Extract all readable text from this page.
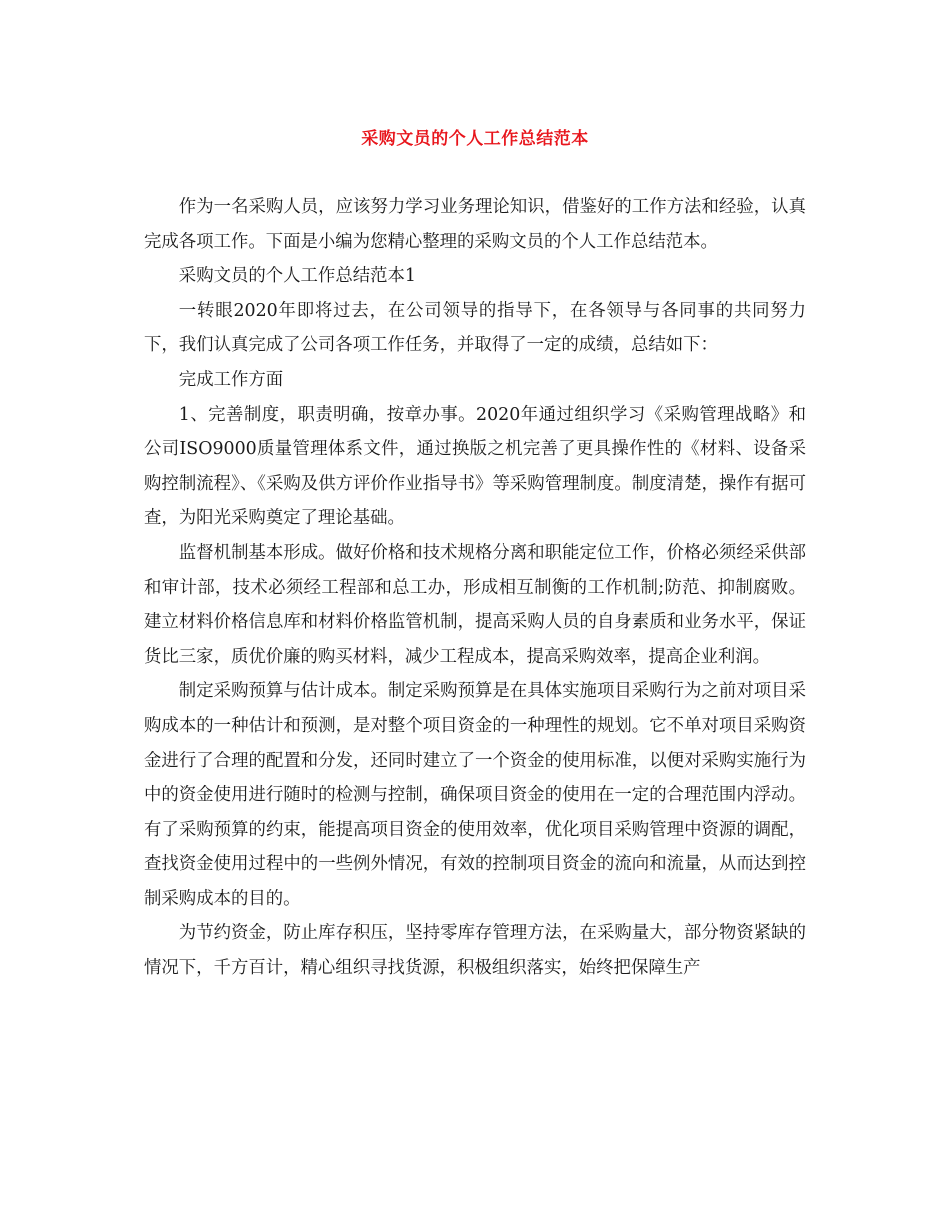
采购文员的个人工作总结范本

作为一名采购人员，应该努力学习业务理论知识，借鉴好的工作方法和经验，认真完成各项工作。下面是小编为您精心整理的采购文员的个人工作总结范本。

采购文员的个人工作总结范本1

一转眼2020年即将过去，在公司领导的指导下，在各领导与各同事的共同努力下，我们认真完成了公司各项工作任务，并取得了一定的成绩，总结如下：

完成工作方面

1、完善制度，职责明确，按章办事。2020年通过组织学习《采购管理战略》和公司ISO9000质量管理体系文件，通过换版之机完善了更具操作性的《材料、设备采购控制流程》、《采购及供方评价作业指导书》等采购管理制度。制度清楚，操作有据可查，为阳光采购奠定了理论基础。

监督机制基本形成。做好价格和技术规格分离和职能定位工作，价格必须经采供部和审计部，技术必须经工程部和总工办，形成相互制衡的工作机制;防范、抑制腐败。建立材料价格信息库和材料价格监管机制，提高采购人员的自身素质和业务水平，保证货比三家，质优价廉的购买材料，减少工程成本，提高采购效率，提高企业利润。

制定采购预算与估计成本。制定采购预算是在具体实施项目采购行为之前对项目采购成本的一种估计和预测，是对整个项目资金的一种理性的规划。它不单对项目采购资金进行了合理的配置和分发，还同时建立了一个资金的使用标准，以便对采购实施行为中的资金使用进行随时的检测与控制，确保项目资金的使用在一定的合理范围内浮动。有了采购预算的约束，能提高项目资金的使用效率，优化项目采购管理中资源的调配，查找资金使用过程中的一些例外情况，有效的控制项目资金的流向和流量，从而达到控制采购成本的目的。

为节约资金，防止库存积压，坚持零库存管理方法，在采购量大，部分物资紧缺的情况下，千方百计，精心组织寻找货源，积极组织落实，始终把保障生产
